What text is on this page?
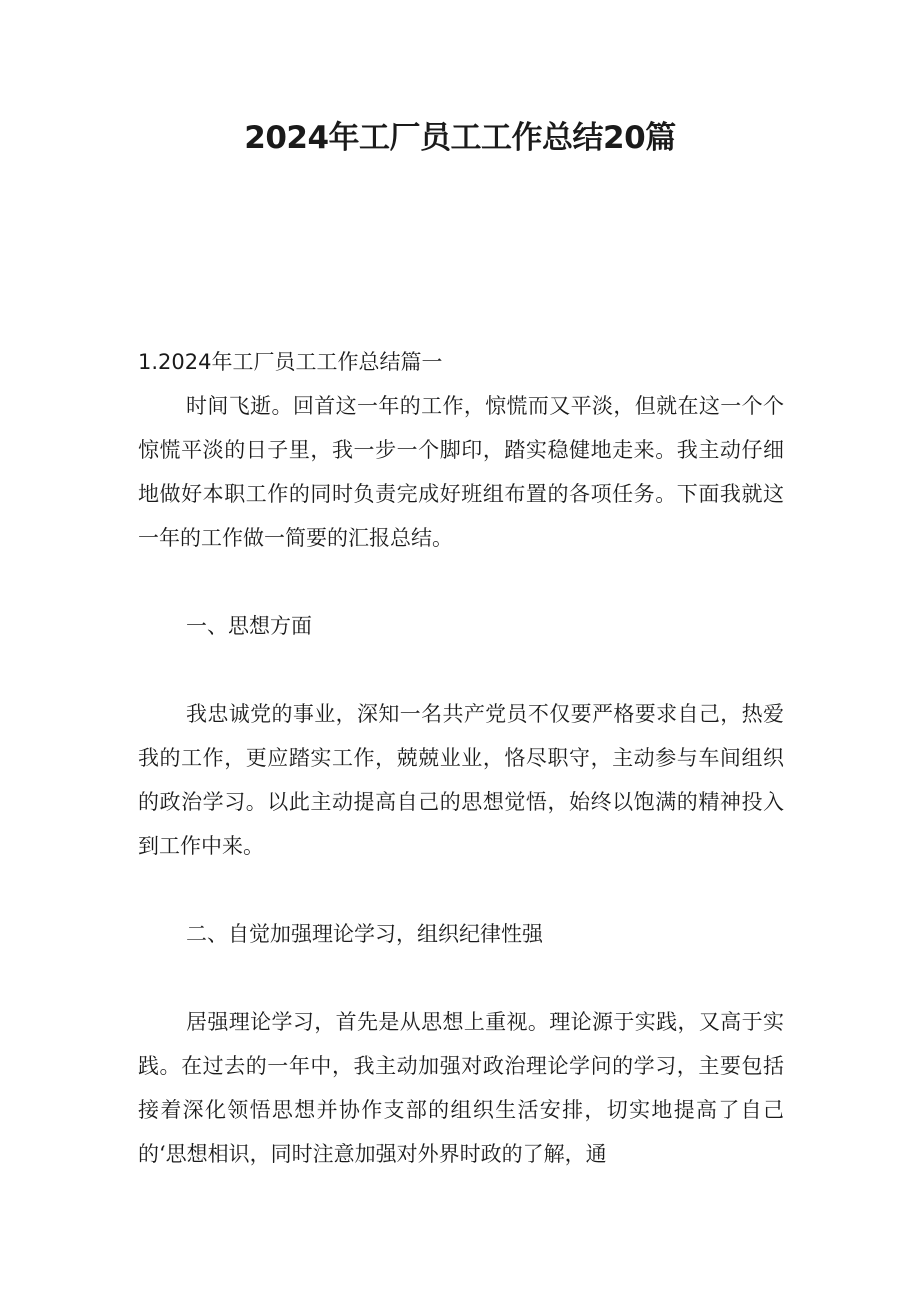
2024年工厂员工工作总结20篇

1.2024年工厂员工工作总结篇一

时间飞逝。回首这一年的工作，惊慌而又平淡，但就在这一个个惊慌平淡的日子里，我一步一个脚印，踏实稳健地走来。我主动仔细地做好本职工作的同时负责完成好班组布置的各项任务。下面我就这一年的工作做一简要的汇报总结。

一、思想方面

我忠诚党的事业，深知一名共产党员不仅要严格要求自己，热爱我的工作，更应踏实工作，兢兢业业，恪尽职守，主动参与车间组织的政治学习。以此主动提高自己的思想觉悟，始终以饱满的精神投入到工作中来。

二、自觉加强理论学习，组织纪律性强

居强理论学习，首先是从思想上重视。理论源于实践，又高于实践。在过去的一年中，我主动加强对政治理论学问的学习，主要包括接着深化领悟思想并协作支部的组织生活安排，切实地提高了自己的‘思想相识，同时注意加强对外界时政的了解，通
